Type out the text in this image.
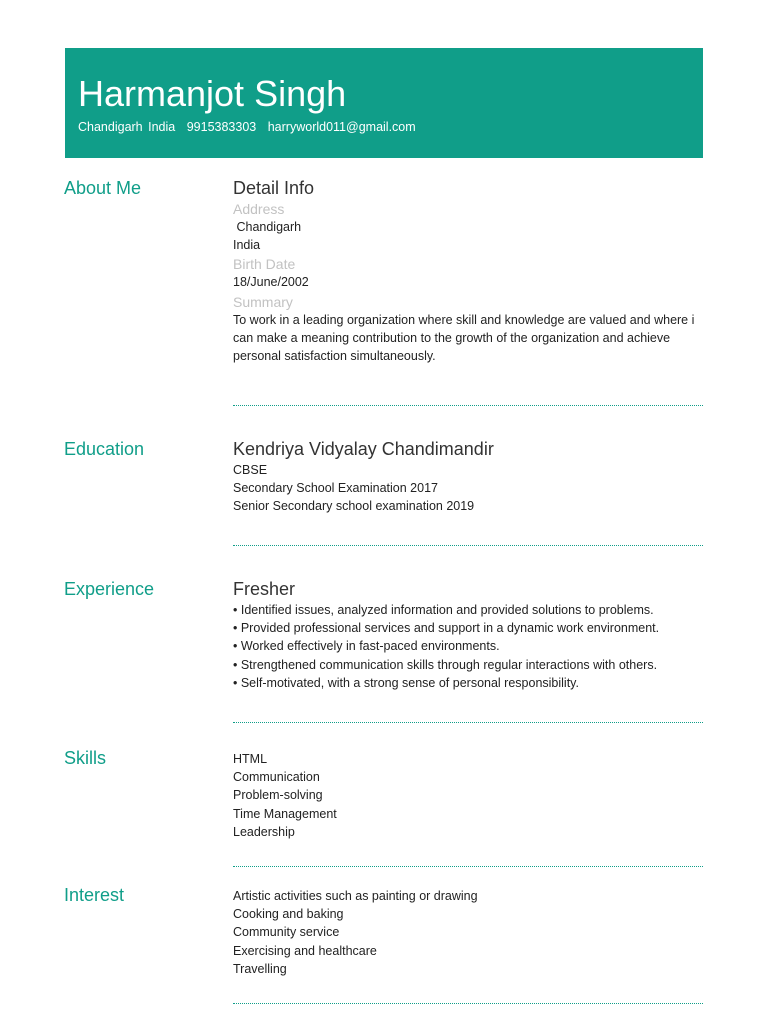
Harmanjot Singh
Chandigarh India 9915383303 harryworld011@gmail.com
About Me	Detail Info
Address
Chandigarh
India
Birth Date
18/June/2002
Summary
To work in a leading organization where skill and knowledge are valued and where i
can make a meaning contribution to the growth of the organization and achieve
personal satisfaction simultaneously.
Education	Kendriya Vidyalay Chandimandir
CBSE
Secondary School Examination 2017
Senior Secondary school examination 2019
Experience	Fresher
• Identified issues, analyzed information and provided solutions to problems.
• Provided professional services and support in a dynamic work environment.
• Worked effectively in fast-paced environments.
• Strengthened communication skills through regular interactions with others.
• Self-motivated, with a strong sense of personal responsibility.
Skills	HTML
Communication
Problem-solving
Time Management
Leadership
Interest	Artistic activities such as painting or drawing
Cooking and baking
Community service
Exercising and healthcare
Travelling
